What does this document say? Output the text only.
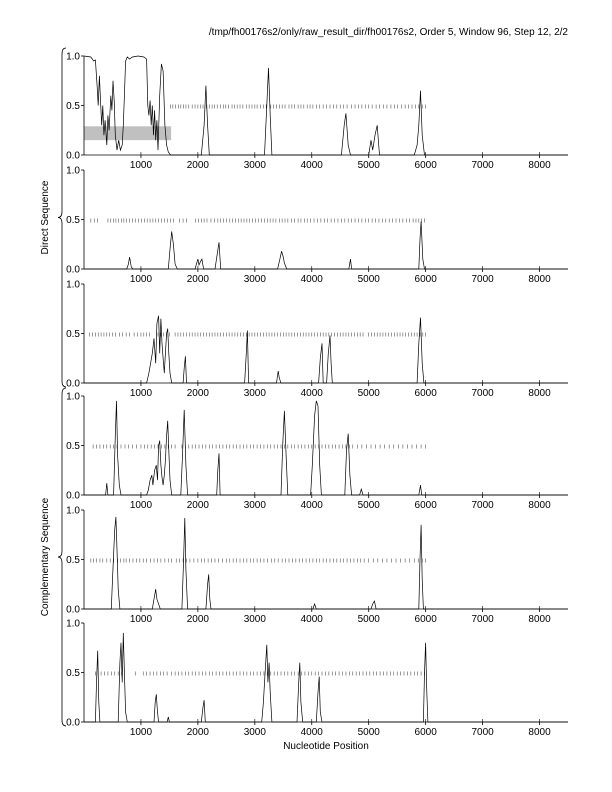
/tmp/fh00176s2/only/raw_result_dir/fh00176s2, Order 5, Window 96, Step 12, 2/2
0.0
0.5
1.0
1000	2000	3000	4000	5000	6000	7000	8000
0.0
0.5
1.0
1000	2000	3000	4000	5000	6000	7000	8000
0.0
0.5
1.0
1000	2000	3000	4000	5000	6000	7000	8000
0.0
0.5
1.0
1000	2000	3000	4000	5000	6000	7000	8000
0.0
0.5
1.0
1000	2000	3000	4000	5000	6000	7000	8000
0.0
0.5
1.0
1000	2000	3000	4000	5000	6000	7000	8000
Direct Sequence
Complementary Sequence
Nucleotide Position
